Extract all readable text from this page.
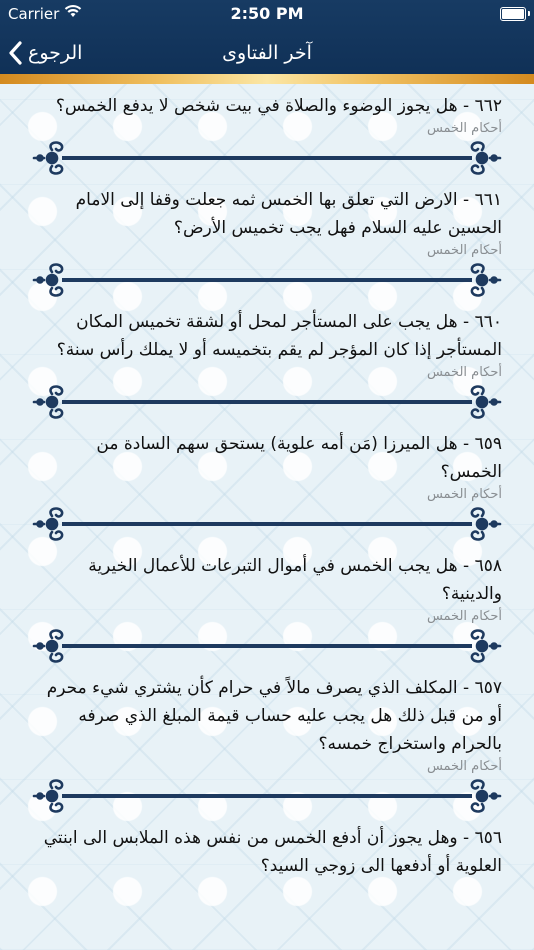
Carrier	2:50 PM
الرجوع	آخر الفتاوى
٦٦٢ - هل يجوز الوضوء والصلاة في بيت شخص لا يدفع الخمس؟
أحكام الخمس
٦٦١ - الارض التي تعلق بها الخمس ثمه جعلت وقفا إلى الامام الحسين عليه السلام فهل يجب تخميس الأرض؟
أحكام الخمس
٦٦٠ - هل يجب على المستأجر لمحل أو لشقة تخميس المكان المستأجر إذا كان المؤجر لم يقم بتخميسه أو لا يملك رأس سنة؟
أحكام الخمس
٦٥٩ - هل الميرزا (مَن أمه علوية) يستحق سهم السادة من الخمس؟
أحكام الخمس
٦٥٨ - هل يجب الخمس في أموال التبرعات للأعمال الخيرية والدينية؟
أحكام الخمس
٦٥٧ - المكلف الذي يصرف مالاً في حرام كأن يشتري شيء محرم أو من قبل ذلك هل يجب عليه حساب قيمة المبلغ الذي صرفه بالحرام واستخراج خمسه؟
أحكام الخمس
٦٥٦ - وهل يجوز أن أدفع الخمس من نفس هذه الملابس الى ابنتي العلوية أو أدفعها الى زوجي السيد؟
